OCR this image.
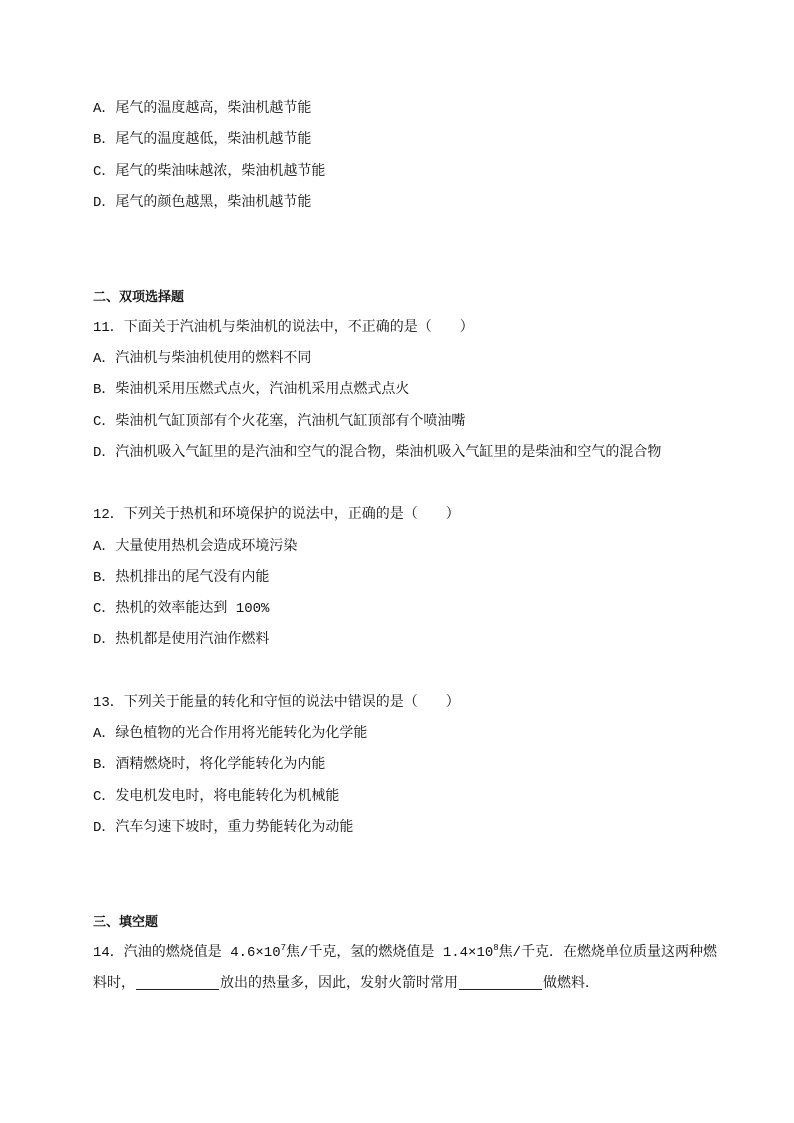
A．尾气的温度越高，柴油机越节能
B．尾气的温度越低，柴油机越节能
C．尾气的柴油味越浓，柴油机越节能
D．尾气的颜色越黑，柴油机越节能
二、双项选择题
11．下面关于汽油机与柴油机的说法中，不正确的是（　　）
A．汽油机与柴油机使用的燃料不同
B．柴油机采用压燃式点火，汽油机采用点燃式点火
C．柴油机气缸顶部有个火花塞，汽油机气缸顶部有个喷油嘴
D．汽油机吸入气缸里的是汽油和空气的混合物，柴油机吸入气缸里的是柴油和空气的混合物
12．下列关于热机和环境保护的说法中，正确的是（　　）
A．大量使用热机会造成环境污染
B．热机排出的尾气没有内能
C．热机的效率能达到 100%
D．热机都是使用汽油作燃料
13．下列关于能量的转化和守恒的说法中错误的是（　　）
A．绿色植物的光合作用将光能转化为化学能
B．酒精燃烧时，将化学能转化为内能
C．发电机发电时，将电能转化为机械能
D．汽车匀速下坡时，重力势能转化为动能
三、填空题
14．汽油的燃烧值是 $4.6\times 10^7$焦/千克，氢的燃烧值是 $1.4\times 10^8$焦/千克．在燃烧单位质量这两种燃
料时，	放出的热量多，因此，发射火箭时常用	做燃料．
